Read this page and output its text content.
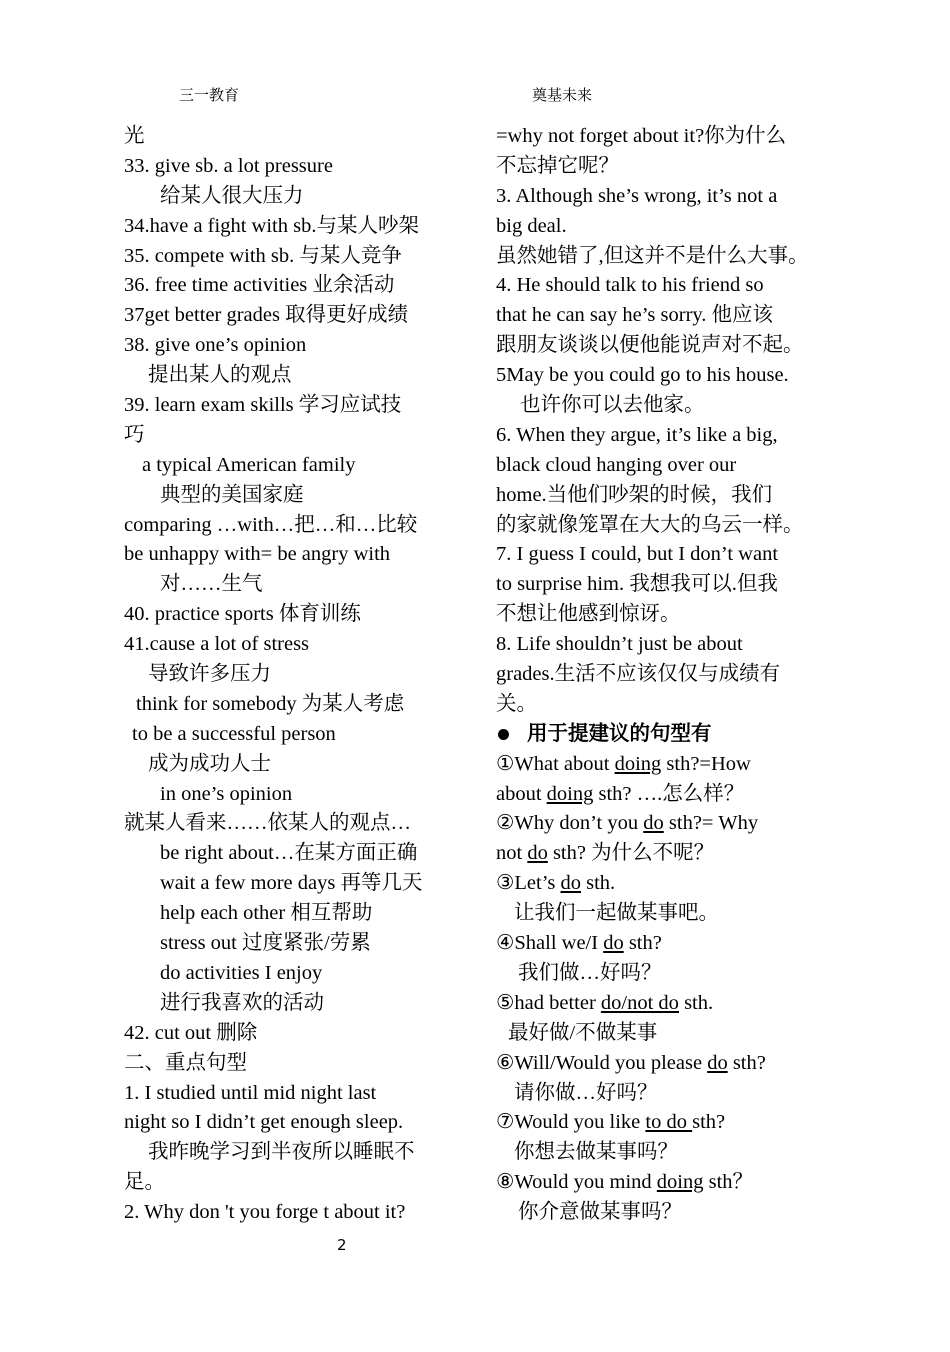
三一教育	奠基未来
光
33. give sb. a lot pressure
给某人很大压力
34.have a fight with sb.与某人吵架
35. compete with sb. 与某人竞争
36. free time activities 业余活动
37get better grades 取得更好成绩
38. give one’s opinion
提出某人的观点
39. learn exam skills 学习应试技
巧
a typical American family
典型的美国家庭
comparing …with…把…和…比较
be unhappy with= be angry with
对……生气
40. practice sports 体育训练
41.cause a lot of stress
导致许多压力
think for somebody 为某人考虑
to be a successful person
成为成功人士
in one’s opinion
就某人看来……依某人的观点…
be right about…在某方面正确
wait a few more days 再等几天
help each other 相互帮助
stress out 过度紧张/劳累
do activities I enjoy
进行我喜欢的活动
42. cut out 删除
二、重点句型
1. I studied until mid night last
night so I didn’t get enough sleep.
我昨晚学习到半夜所以睡眠不
足。
2. Why don 't you forge t about it?
=why not forget about it?你为什么
不忘掉它呢？
3. Although she’s wrong, it’s not a
big deal.
虽然她错了,但这并不是什么大事。
4. He should talk to his friend so
that he can say he’s sorry. 他应该
跟朋友谈谈以便他能说声对不起。
5May be you could go to his house.
也许你可以去他家。
6. When they argue, it’s like a big,
black cloud hanging over our
home.当他们吵架的时候，我们
的家就像笼罩在大大的乌云一样。
7. I guess I could, but I don’t want
to surprise him. 我想我可以.但我
不想让他感到惊讶。
8. Life shouldn’t just be about
grades.生活不应该仅仅与成绩有
关。
用于提建议的句型有
①What about doing sth?=How
about doing sth? ….怎么样？
②Why don’t you do sth?= Why
not do sth? 为什么不呢？
③Let’s do sth.
让我们一起做某事吧。
④Shall we/I do sth?
我们做…好吗？
⑤had better do/not do sth.
最好做/不做某事
⑥Will/Would you please do sth?
请你做…好吗？
⑦Would you like to do sth?
你想去做某事吗？
⑧Would you mind doing sth？
你介意做某事吗？
2
